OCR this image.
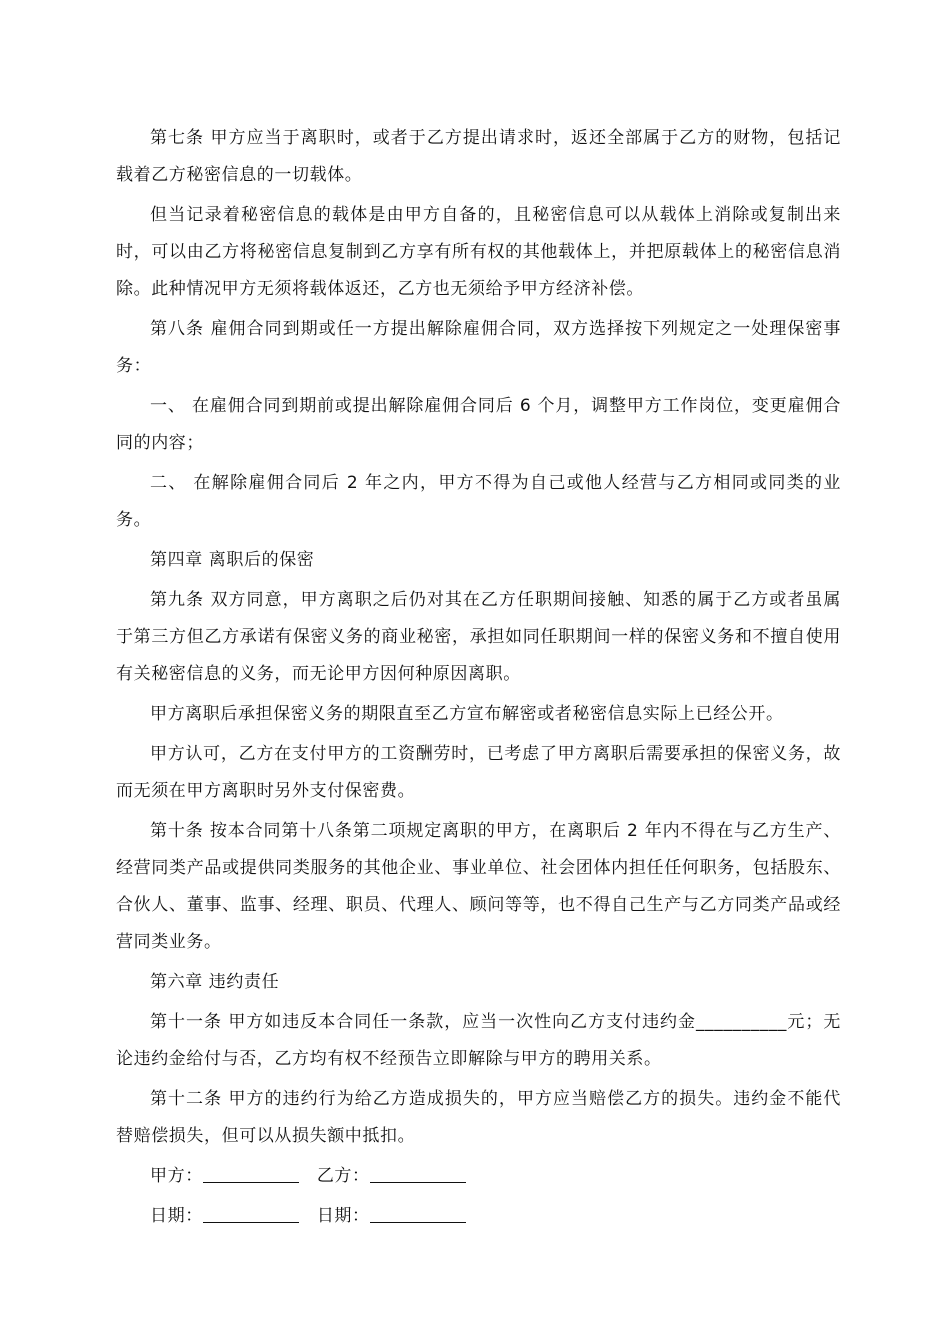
第七条 甲方应当于离职时，或者于乙方提出请求时，返还全部属于乙方的财物，包括记载着乙方秘密信息的一切载体。

但当记录着秘密信息的载体是由甲方自备的，且秘密信息可以从载体上消除或复制出来时，可以由乙方将秘密信息复制到乙方享有所有权的其他载体上，并把原载体上的秘密信息消除。此种情况甲方无须将载体返还，乙方也无须给予甲方经济补偿。

第八条 雇佣合同到期或任一方提出解除雇佣合同，双方选择按下列规定之一处理保密事务：

一、 在雇佣合同到期前或提出解除雇佣合同后 6 个月，调整甲方工作岗位，变更雇佣合同的内容；

二、 在解除雇佣合同后 2 年之内，甲方不得为自己或他人经营与乙方相同或同类的业务。

第四章 离职后的保密

第九条 双方同意，甲方离职之后仍对其在乙方任职期间接触、知悉的属于乙方或者虽属于第三方但乙方承诺有保密义务的商业秘密，承担如同任职期间一样的保密义务和不擅自使用有关秘密信息的义务，而无论甲方因何种原因离职。

甲方离职后承担保密义务的期限直至乙方宣布解密或者秘密信息实际上已经公开。

甲方认可，乙方在支付甲方的工资酬劳时，已考虑了甲方离职后需要承担的保密义务，故而无须在甲方离职时另外支付保密费。

第十条 按本合同第十八条第二项规定离职的甲方，在离职后 2 年内不得在与乙方生产、经营同类产品或提供同类服务的其他企业、事业单位、社会团体内担任任何职务，包括股东、合伙人、董事、监事、经理、职员、代理人、顾问等等，也不得自己生产与乙方同类产品或经营同类业务。

第六章 违约责任

第十一条 甲方如违反本合同任一条款，应当一次性向乙方支付违约金__________元；无论违约金给付与否，乙方均有权不经预告立即解除与甲方的聘用关系。

第十二条 甲方的违约行为给乙方造成损失的，甲方应当赔偿乙方的损失。违约金不能代替赔偿损失，但可以从损失额中抵扣。

甲方：	乙方：
日期：	日期：
